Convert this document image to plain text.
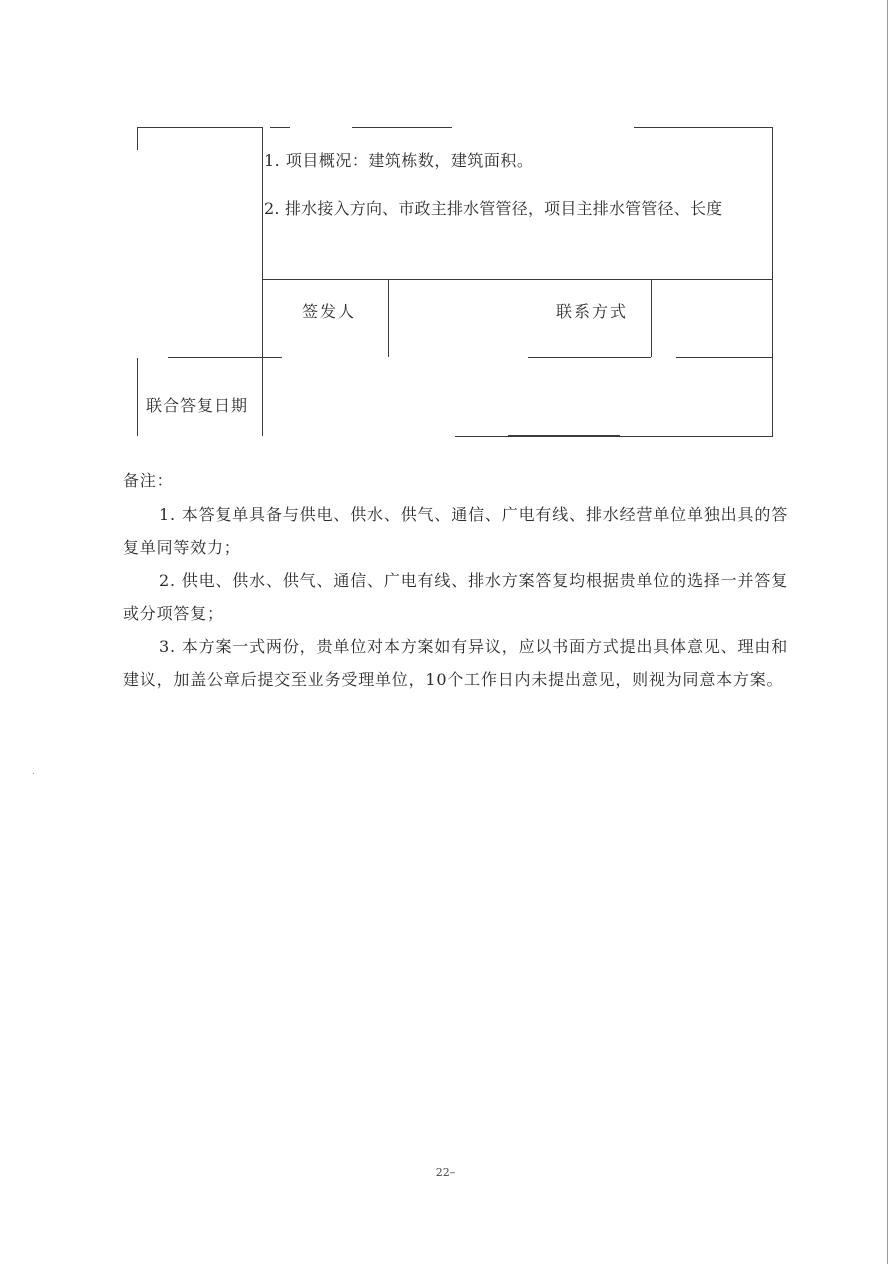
1. 项目概况：建筑栋数，建筑面积。
2. 排水接入方向、市政主排水管管径，项目主排水管管径、长度
签发人	联系方式
联合答复日期
备注：

1. 本答复单具备与供电、供水、供气、通信、广电有线、排水经营单位单独出具的答复单同等效力；

2. 供电、供水、供气、通信、广电有线、排水方案答复均根据贵单位的选择一并答复或分项答复；

3. 本方案一式两份，贵单位对本方案如有异议，应以书面方式提出具体意见、理由和建议，加盖公章后提交至业务受理单位，10个工作日内未提出意见，则视为同意本方案。

22–
